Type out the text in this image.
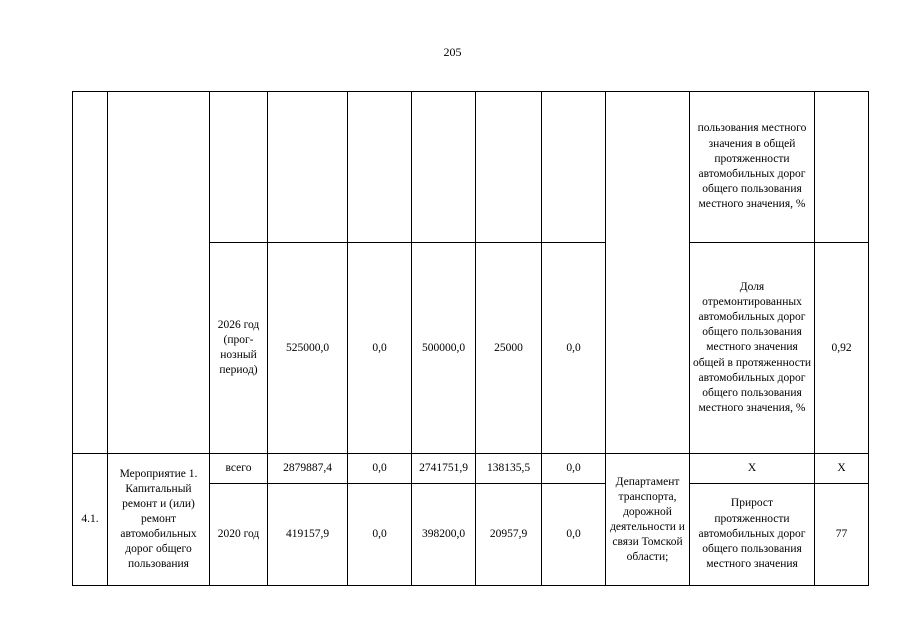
205
									пользования местного значения в общей протяженности автомобильных дорог общего пользования местного значения, %	
		2026 год (прог-нозный период)	525000,0	0,0	500000,0	25000	0,0		Доля отремонтированных автомобильных дорог общего пользования местного значения общей в протяженности автомобильных дорог общего пользования местного значения, %	0,92
4.1.	Мероприятие 1. Капитальный ремонт и (или) ремонт автомобильных дорог общего пользования	всего	2879887,4	0,0	2741751,9	138135,5	0,0	Департамент транспорта, дорожной деятельности и связи Томской области;	Х	Х
		2020 год	419157,9	0,0	398200,0	20957,9	0,0		Прирост протяженности автомобильных дорог общего пользования местного значения	77
